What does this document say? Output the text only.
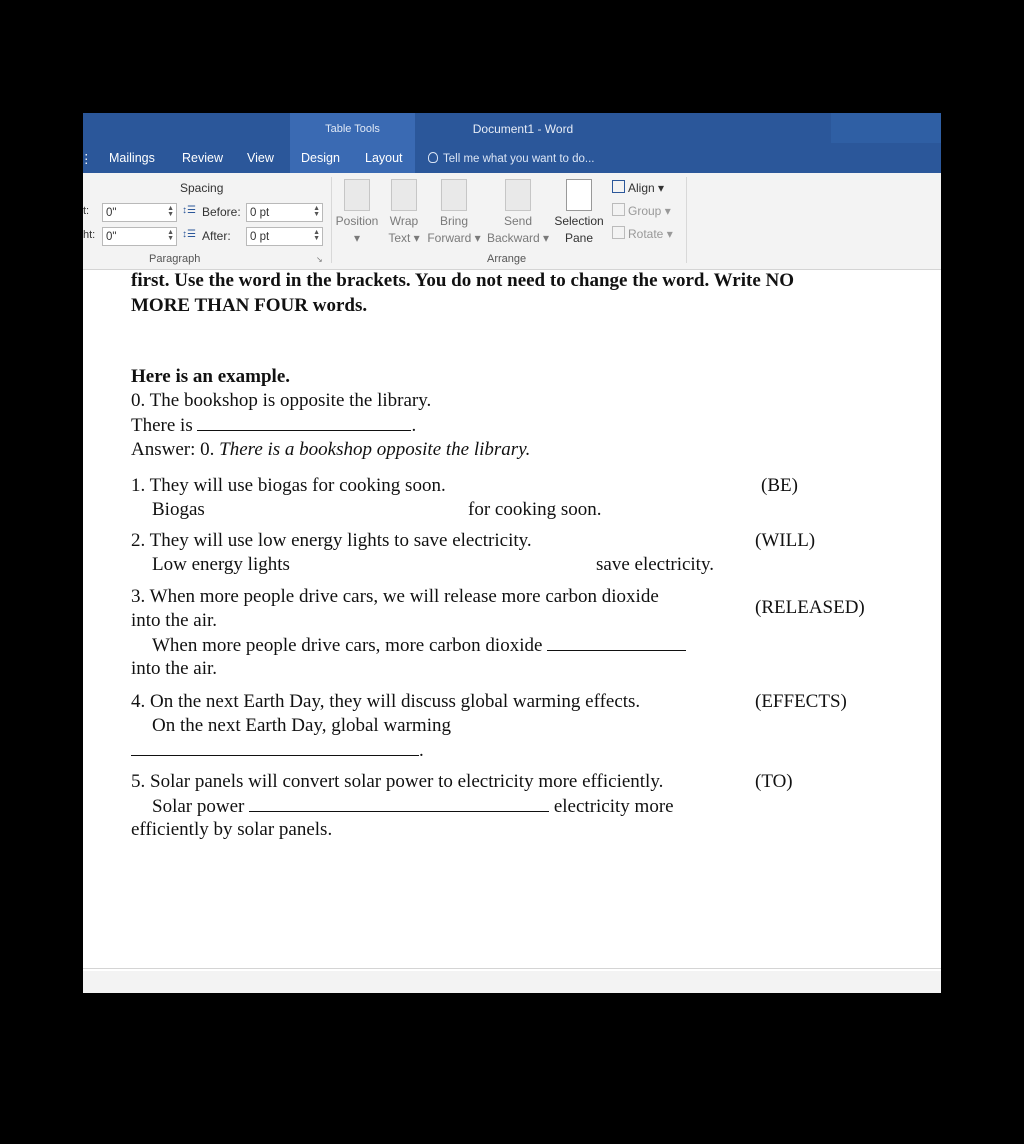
Table Tools	Document1 - Word
⋮ Mailings Review View Design Layout	Tell me what you want to do...
Spacing
t:	0"	▲
▼
ht: 0"	▲
▼
↕☰ Before: 0 pt	▲
▼
↕☰ After:	0 pt	▲
▼
Paragraph	↘
Position
▾
Wrap
Text ▾
Bring
Forward ▾
Send
Backward ▾
Selection
Pane
Align ▾
Group ▾
Rotate ▾
Arrange
first. Use the word in the brackets. You do not need to change the word. Write NO
MORE THAN FOUR words.
Here is an example.
0. The bookshop is opposite the library.
There is	.
Answer: 0. There is a bookshop opposite the library.
1. They will use biogas for cooking soon.	(BE)
Biogas	for cooking soon.
2. They will use low energy lights to save electricity.	(WILL)
Low energy lights	save electricity.
3. When more people drive cars, we will release more carbon dioxide
into the air.
(RELEASED)
When more people drive cars, more carbon dioxide
into the air.
4. On the next Earth Day, they will discuss global warming effects.	(EFFECTS)
On the next Earth Day, global warming
.
5. Solar panels will convert solar power to electricity more efficiently.	(TO)
Solar power	electricity more
efficiently by solar panels.
